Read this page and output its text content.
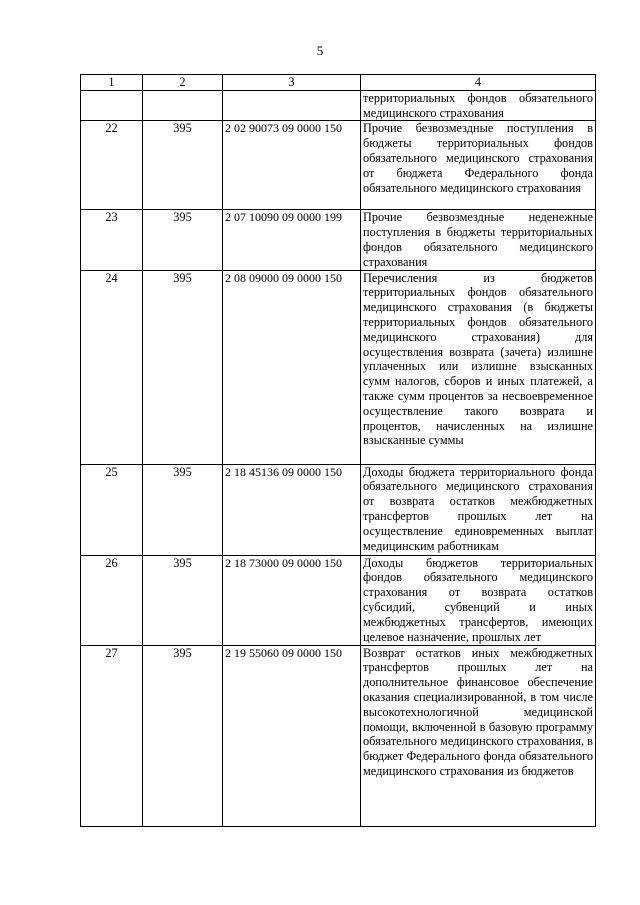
5
1	2	3	4
			территориальных фондов обязательного медицинского страхования
22	395	2 02 90073 09 0000 150	Прочие безвозмездные поступления в бюджеты территориальных фондов обязательного медицинского страхования от бюджета Федерального фонда обязательного медицинского страхования
23	395	2 07 10090 09 0000 199	Прочие безвозмездные неденежные поступления в бюджеты территориальных фондов обязательного медицинского страхования
24	395	2 08 09000 09 0000 150	Перечисления из бюджетов территориальных фондов обязательного медицинского страхования (в бюджеты территориальных фондов обязательного медицинского страхования) для осуществления возврата (зачета) излишне уплаченных или излишне взысканных сумм налогов, сборов и иных платежей, а также сумм процентов за несвоевременное осуществление такого возврата и процентов, начисленных на излишне взысканные суммы
25	395	2 18 45136 09 0000 150	Доходы бюджета территориального фонда обязательного медицинского страхования от возврата остатков межбюджетных трансфертов прошлых лет на осуществление единовременных выплат медицинским работникам
26	395	2 18 73000 09 0000 150	Доходы бюджетов территориальных фондов обязательного медицинского страхования от возврата остатков субсидий, субвенций и иных межбюджетных трансфертов, имеющих целевое назначение, прошлых лет
27	395	2 19 55060 09 0000 150	Возврат остатков иных межбюджетных трансфертов прошлых лет на дополнительное финансовое обеспечение оказания специализированной, в том числе высокотехнологичной медицинской помощи, включенной в базовую программу обязательного медицинского страхования, в бюджет Федерального фонда обязательного медицинского страхования из бюджетов
